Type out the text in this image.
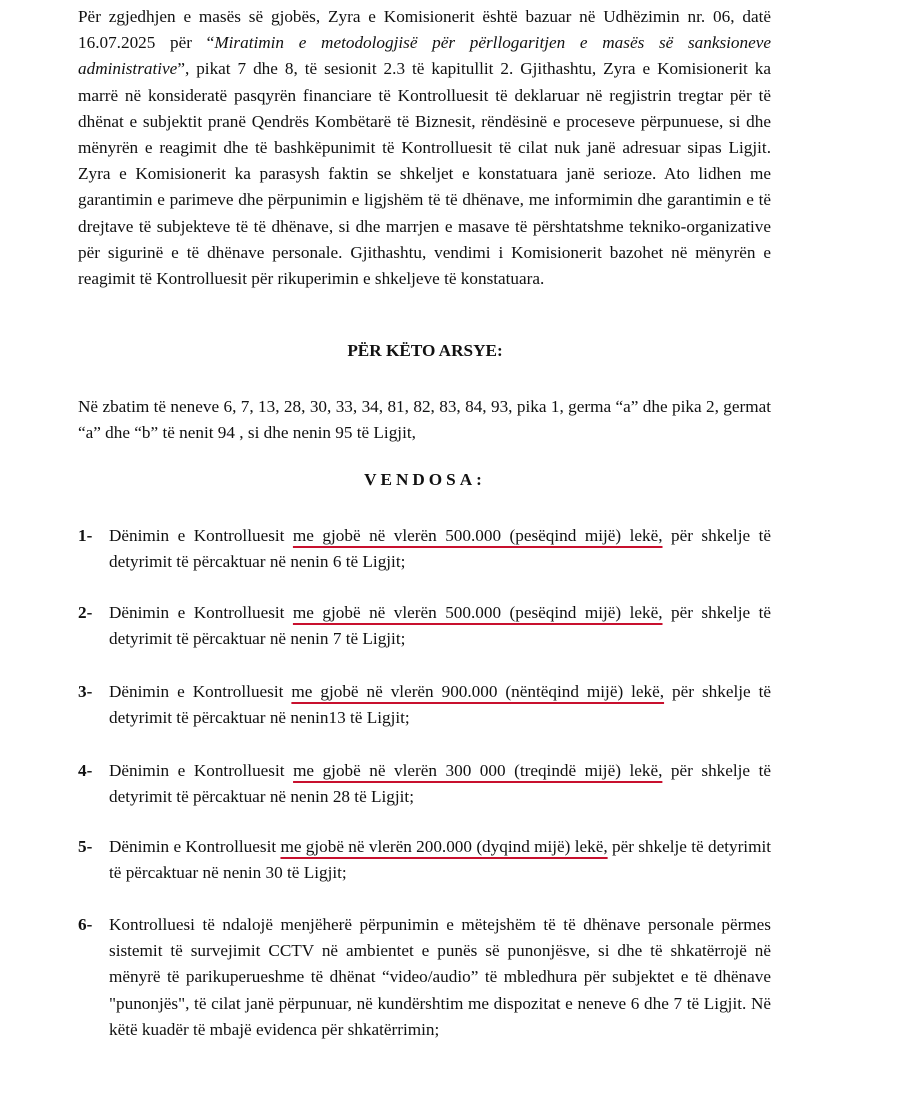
Për zgjedhjen e masës së gjobës, Zyra e Komisionerit është bazuar në Udhëzimin nr. 06, datë 16.07.2025 për “Miratimin e metodologjisë për përllogaritjen e masës së sanksioneve administrative”, pikat 7 dhe 8, të sesionit 2.3 të kapitullit 2. Gjithashtu, Zyra e Komisionerit ka marrë në konsideratë pasqyrën financiare të Kontrolluesit të deklaruar në regjistrin tregtar për të dhënat e subjektit pranë Qendrës Kombëtarë të Biznesit, rëndësinë e proceseve përpunuese, si dhe mënyrën e reagimit dhe të bashkëpunimit të Kontrolluesit të cilat nuk janë adresuar sipas Ligjit. Zyra e Komisionerit ka parasysh faktin se shkeljet e konstatuara janë serioze. Ato lidhen me garantimin e parimeve dhe përpunimin e ligjshëm të të dhënave, me informimin dhe garantimin e të drejtave të subjekteve të të dhënave, si dhe marrjen e masave të përshtatshme tekniko-organizative për sigurinë e të dhënave personale. Gjithashtu, vendimi i Komisionerit bazohet në mënyrën e reagimit të Kontrolluesit për rikuperimin e shkeljeve të konstatuara.

PËR KËTO ARSYE:

Në zbatim të neneve 6, 7, 13, 28, 30, 33, 34, 81, 82, 83, 84, 93, pika 1, germa “a” dhe pika 2, germat “a” dhe “b” të nenit 94 , si dhe nenin 95 të Ligjit,

VENDOSA:

1- Dënimin e Kontrolluesit me gjobë në vlerën 500.000 (pesëqind mijë) lekë, për shkelje të detyrimit të përcaktuar në nenin 6 të Ligjit;
2- Dënimin e Kontrolluesit me gjobë në vlerën 500.000 (pesëqind mijë) lekë, për shkelje të detyrimit të përcaktuar në nenin 7 të Ligjit;
3- Dënimin e Kontrolluesit me gjobë në vlerën 900.000 (nëntëqind mijë) lekë, për shkelje të detyrimit të përcaktuar në nenin13 të Ligjit;
4- Dënimin e Kontrolluesit me gjobë në vlerën 300 000 (treqindë mijë) lekë, për shkelje të detyrimit të përcaktuar në nenin 28 të Ligjit;
5- Dënimin e Kontrolluesit me gjobë në vlerën 200.000 (dyqind mijë) lekë, për shkelje të detyrimit të përcaktuar në nenin 30 të Ligjit;
6- Kontrolluesi të ndalojë menjëherë përpunimin e mëtejshëm të të dhënave personale përmes sistemit të survejimit CCTV në ambientet e punës së punonjësve, si dhe të shkatërrojë në mënyrë të parikuperueshme të dhënat “video/audio” të mbledhura për subjektet e të dhënave "punonjës", të cilat janë përpunuar, në kundërshtim me dispozitat e neneve 6 dhe 7 të Ligjit. Në këtë kuadër të mbajë evidenca për shkatërrimin;
